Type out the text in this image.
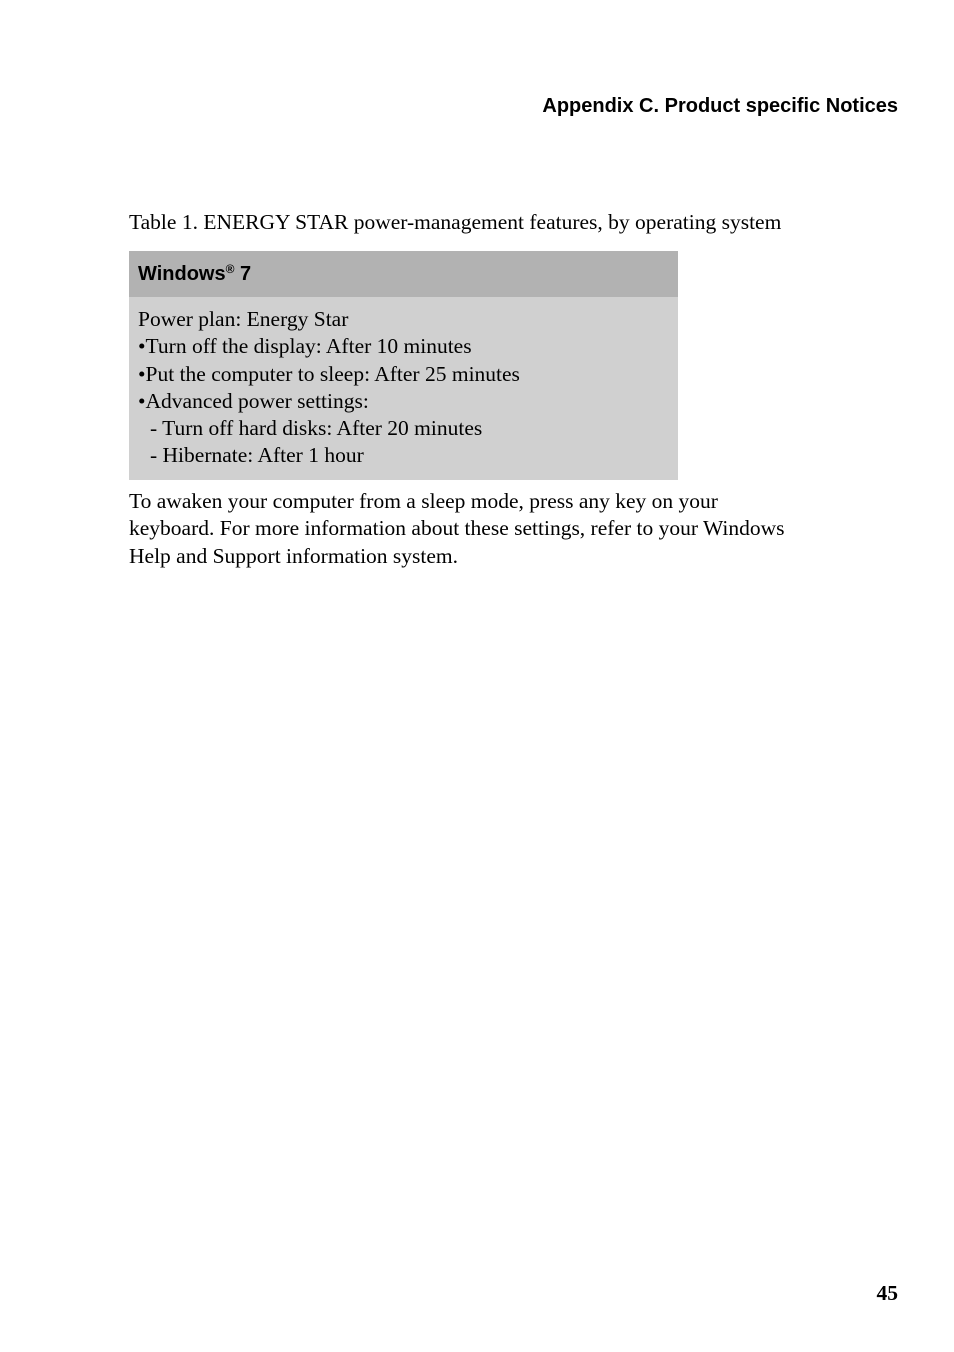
Appendix C. Product specific Notices
Table 1. ENERGY STAR power-management features, by operating system
Windows® 7
Power plan: Energy Star
•Turn off the display: After 10 minutes
•Put the computer to sleep: After 25 minutes
•Advanced power settings:
- Turn off hard disks: After 20 minutes
- Hibernate: After 1 hour
To awaken your computer from a sleep mode, press any key on your
keyboard. For more information about these settings, refer to your Windows
Help and Support information system.
45
